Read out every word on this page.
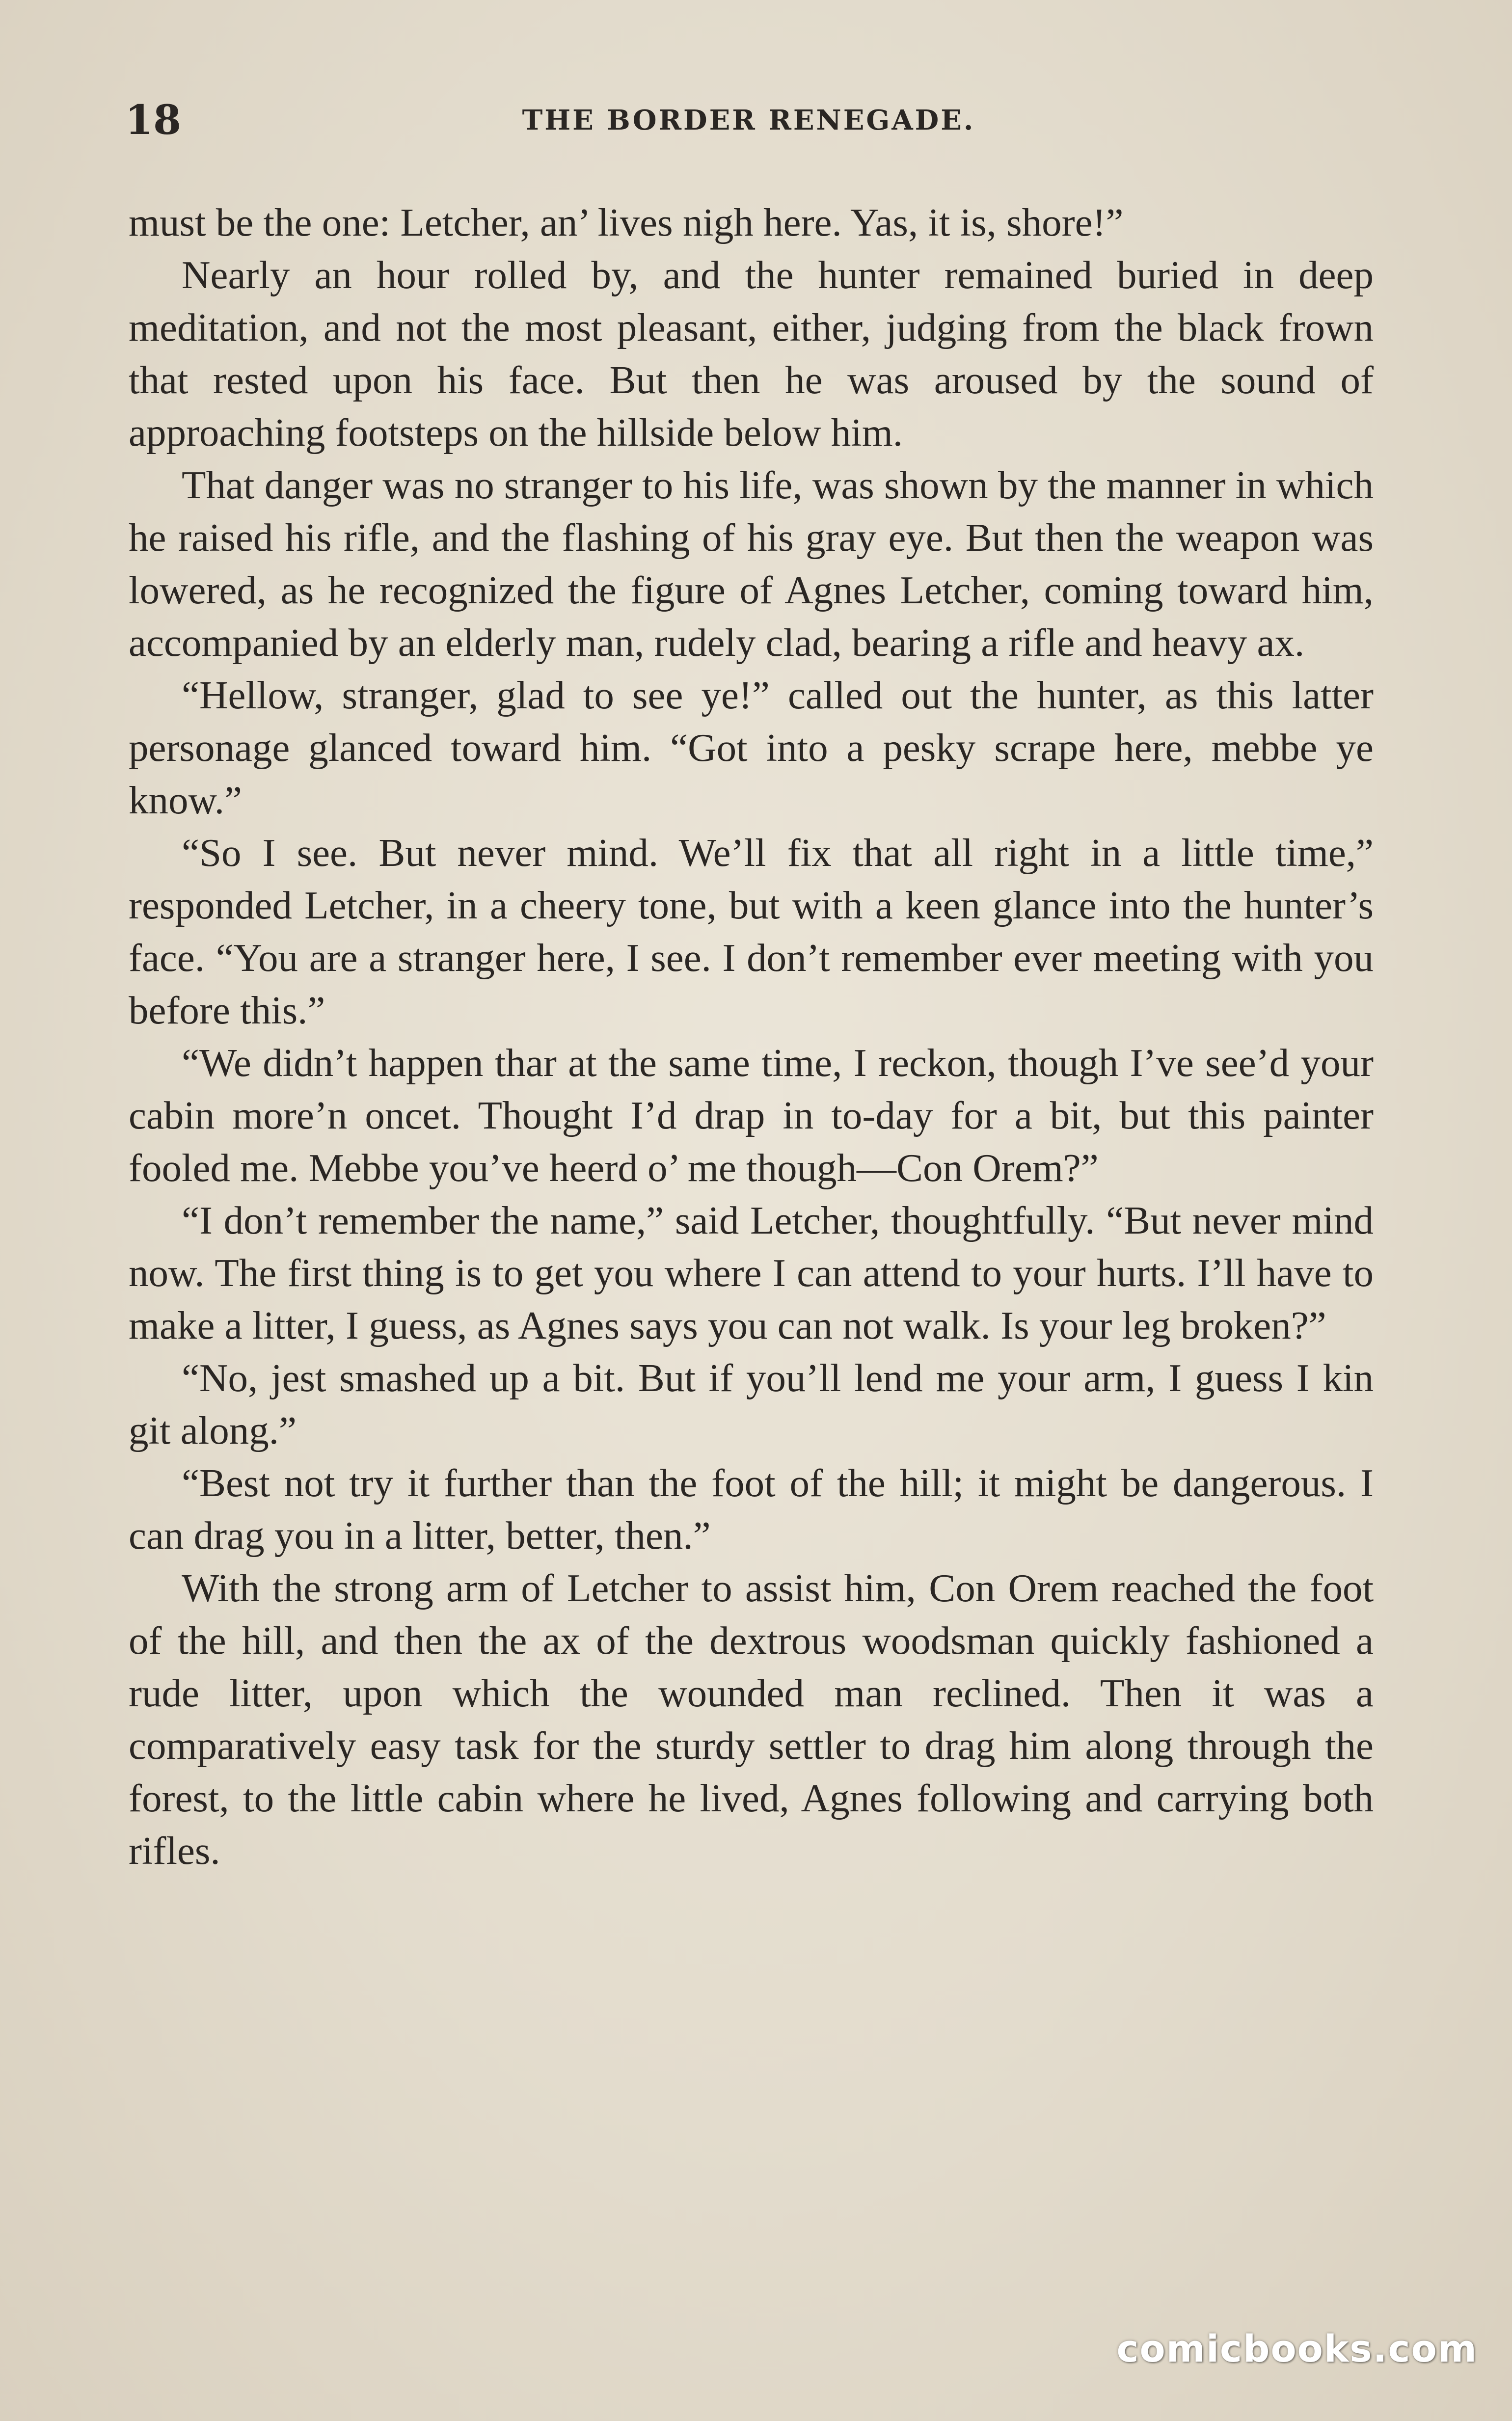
18	THE BORDER RENEGADE.

must be the one: Letcher, an’ lives nigh here. Yas, it is, shore!”

Nearly an hour rolled by, and the hunter remained buried in deep meditation, and not the most pleasant, either, judging from the black frown that rested upon his face. But then he was aroused by the sound of approaching footsteps on the hillside below him.

That danger was no stranger to his life, was shown by the manner in which he raised his rifle, and the flashing of his gray eye. But then the weapon was lowered, as he recognized the figure of Agnes Letcher, coming toward him, accompanied by an elderly man, rudely clad, bearing a rifle and heavy ax.

“Hellow, stranger, glad to see ye!” called out the hunter, as this latter personage glanced toward him. “Got into a pesky scrape here, mebbe ye know.”

“So I see. But never mind. We’ll fix that all right in a little time,” responded Letcher, in a cheery tone, but with a keen glance into the hunter’s face. “You are a stranger here, I see. I don’t remember ever meeting with you before this.”

“We didn’t happen thar at the same time, I reckon, though I’ve see’d your cabin more’n oncet. Thought I’d drap in to-day for a bit, but this painter fooled me. Mebbe you’ve heerd o’ me though—Con Orem?”

“I don’t remember the name,” said Letcher, thoughtfully. “But never mind now. The first thing is to get you where I can attend to your hurts. I’ll have to make a litter, I guess, as Agnes says you can not walk. Is your leg broken?”

“No, jest smashed up a bit. But if you’ll lend me your arm, I guess I kin git along.”

“Best not try it further than the foot of the hill; it might be dangerous. I can drag you in a litter, better, then.”

With the strong arm of Letcher to assist him, Con Orem reached the foot of the hill, and then the ax of the dextrous woodsman quickly fashioned a rude litter, upon which the wounded man reclined. Then it was a comparatively easy task for the sturdy settler to drag him along through the forest, to the little cabin where he lived, Agnes following and carrying both rifles.

comicbooks.com
